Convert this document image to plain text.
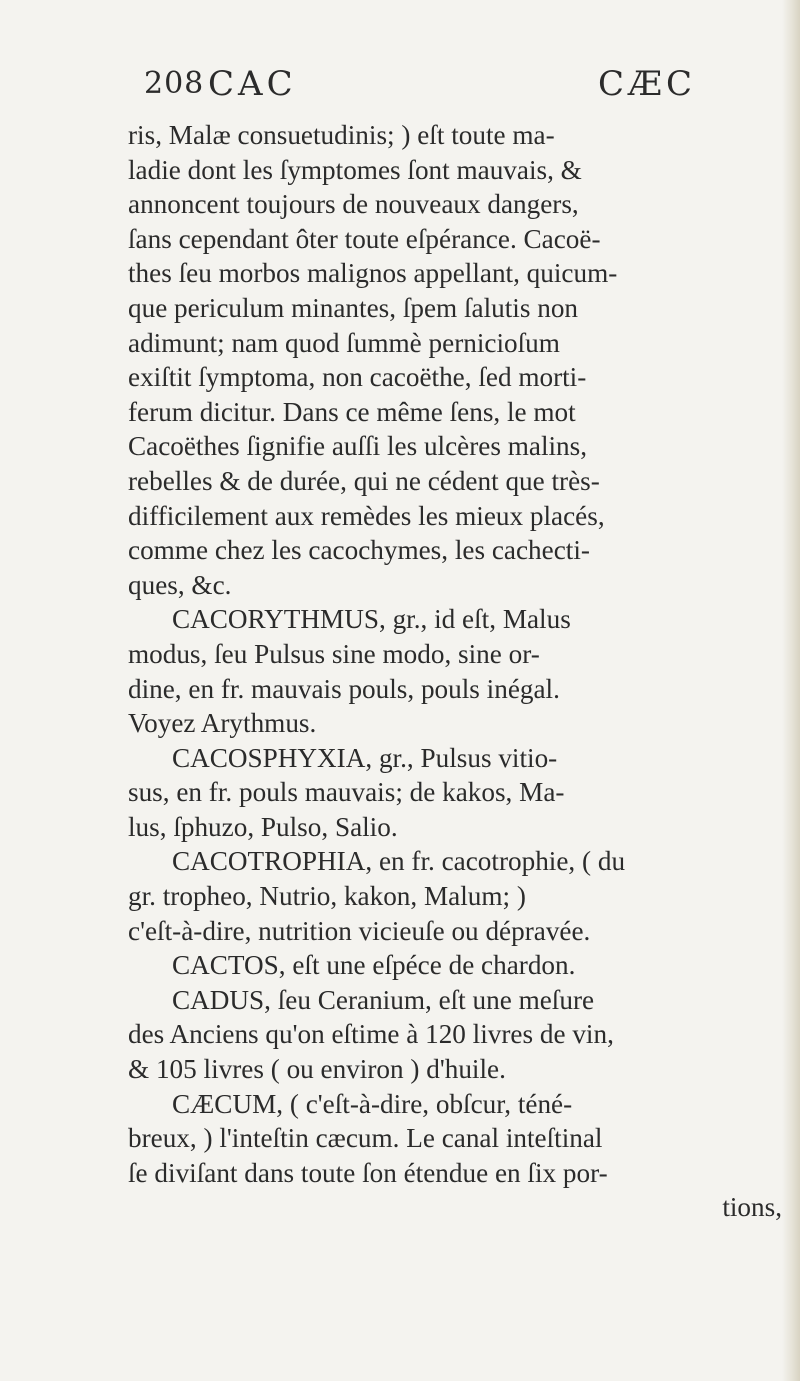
208 CAC	CÆC
ris, Malæ consuetudinis; ) eſt toute ma-
ladie dont les ſymptomes ſont mauvais, &
annoncent toujours de nouveaux dangers,
ſans cependant ôter toute eſpérance. Cacoë-
thes ſeu morbos malignos appellant, quicum-
que periculum minantes, ſpem ſalutis non
adimunt; nam quod ſummè pernicioſum
exiſtit ſymptoma, non cacoëthe, ſed morti-
ferum dicitur. Dans ce même ſens, le mot
Cacoëthes ſignifie auſſi les ulcères malins,
rebelles & de durée, qui ne cédent que très-
difficilement aux remèdes les mieux placés,
comme chez les cacochymes, les cachecti-
ques, &c.
CACORYTHMUS, gr., id eſt, Malus
modus, ſeu Pulsus sine modo, sine or-
dine, en fr. mauvais pouls, pouls inégal.
Voyez Arythmus.
CACOSPHYXIA, gr., Pulsus vitio-
sus, en fr. pouls mauvais; de kakos, Ma-
lus, ſphuzo, Pulso, Salio.
CACOTROPHIA, en fr. cacotrophie, ( du
gr. tropheo, Nutrio, kakon, Malum; )
c'eſt-à-dire, nutrition vicieuſe ou dépravée.
CACTOS, eſt une eſpéce de chardon.
CADUS, ſeu Ceranium, eſt une meſure
des Anciens qu'on eſtime à 120 livres de vin,
& 105 livres ( ou environ ) d'huile.
CÆCUM, ( c'eſt-à-dire, obſcur, téné-
breux, ) l'inteſtin cæcum. Le canal inteſtinal
ſe diviſant dans toute ſon étendue en ſix por-
tions,
